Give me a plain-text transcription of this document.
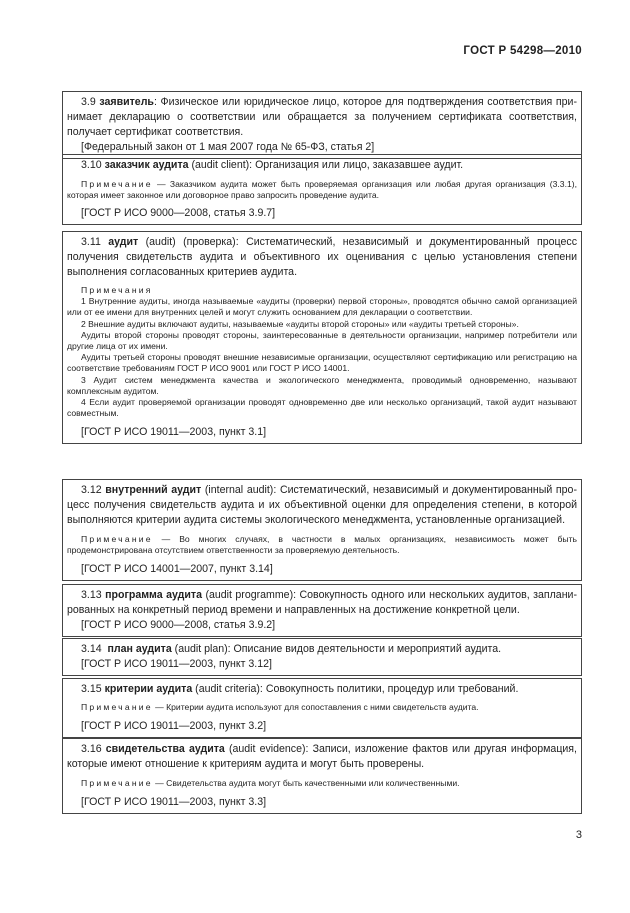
ГОСТ Р 54298—2010

3.9 заявитель: Физическое или юридическое лицо, которое для подтверждения соответствия принимает декларацию о соответствии или обращается за получением сертификата соответствия, получает сертификат соответствия.

[Федеральный закон от 1 мая 2007 года № 65-ФЗ, статья 2]

3.10 заказчик аудита (audit client): Организация или лицо, заказавшее аудит.

Примечание — Заказчиком аудита может быть проверяемая организация или любая другая организация (3.3.1), которая имеет законное или договорное право запросить проведение аудита.

[ГОСТ Р ИСО 9000—2008, статья 3.9.7]

3.11 аудит (audit) (проверка): Систематический, независимый и документированный процесс получения свидетельств аудита и объективного их оценивания с целью установления степени выполнения согласованных критериев аудита.

Примечания

1 Внутренние аудиты, иногда называемые «аудиты (проверки) первой стороны», проводятся обычно самой организацией или от ее имени для внутренних целей и могут служить основанием для декларации о соответствии.

2 Внешние аудиты включают аудиты, называемые «аудиты второй стороны» или «аудиты третьей стороны».

Аудиты второй стороны проводят стороны, заинтересованные в деятельности организации, например потребители или другие лица от их имени.

Аудиты третьей стороны проводят внешние независимые организации, осуществляют сертификацию или регистрацию на соответствие требованиям ГОСТ Р ИСО 9001 или ГОСТ Р ИСО 14001.

3 Аудит систем менеджмента качества и экологического менеджмента, проводимый одновременно, называют комплексным аудитом.

4 Если аудит проверяемой организации проводят одновременно две или несколько организаций, такой аудит называют совместным.

[ГОСТ Р ИСО 19011—2003, пункт 3.1]

3.12 внутренний аудит (internal audit): Систематический, независимый и документированный процесс получения свидетельств аудита и их объективной оценки для определения степени, в которой выполняются критерии аудита системы экологического менеджмента, установленные организацией.

Примечание — Во многих случаях, в частности в малых организациях, независимость может быть продемонстрирована отсутствием ответственности за проверяемую деятельность.

[ГОСТ Р ИСО 14001—2007, пункт 3.14]

3.13 программа аудита (audit programme): Совокупность одного или нескольких аудитов, запланированных на конкретный период времени и направленных на достижение конкретной цели.

[ГОСТ Р ИСО 9000—2008, статья 3.9.2]

3.14 план аудита (audit plan): Описание видов деятельности и мероприятий аудита.

[ГОСТ Р ИСО 19011—2003, пункт 3.12]

3.15 критерии аудита (audit criteria): Совокупность политики, процедур или требований.

Примечание — Критерии аудита используют для сопоставления с ними свидетельств аудита.

[ГОСТ Р ИСО 19011—2003, пункт 3.2]

3.16 свидетельства аудита (audit evidence): Записи, изложение фактов или другая информация, которые имеют отношение к критериям аудита и могут быть проверены.

Примечание — Свидетельства аудита могут быть качественными или количественными.

[ГОСТ Р ИСО 19011—2003, пункт 3.3]

3
